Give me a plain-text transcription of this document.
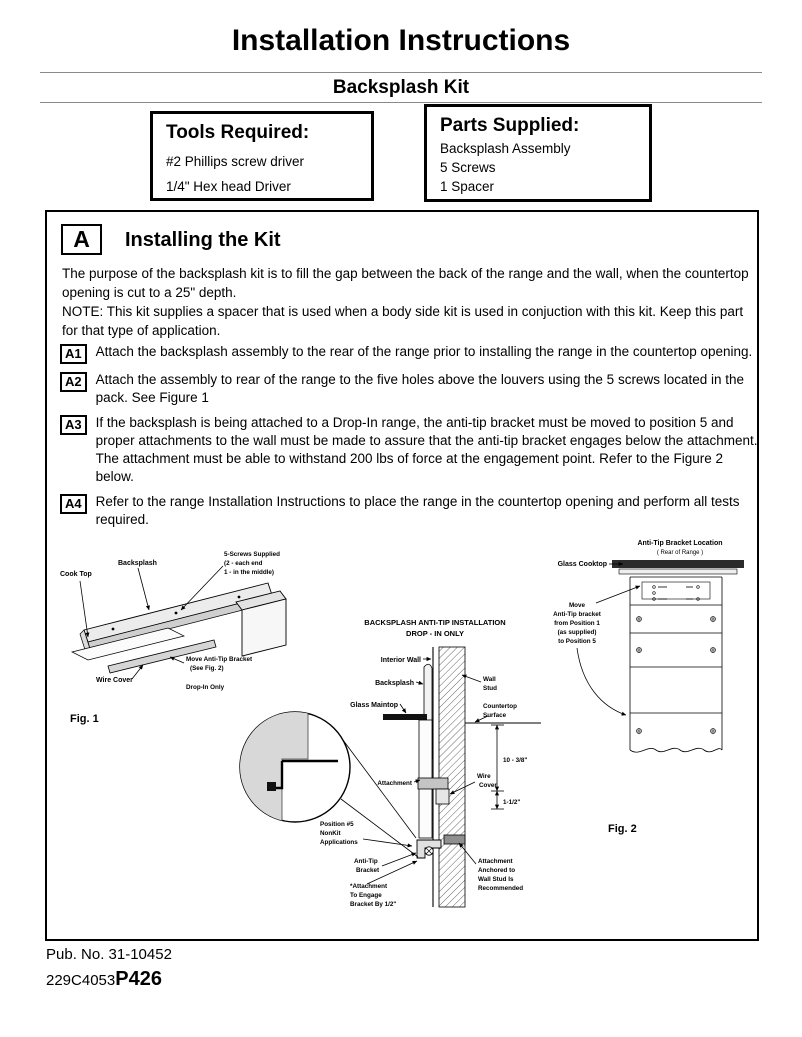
Installation Instructions
Backsplash Kit
Tools Required:
#2 Phillips screw driver
1/4" Hex head Driver
Parts Supplied:
Backsplash Assembly
5 Screws
1 Spacer
A	Installing the Kit
The purpose of the backsplash kit is to fill the gap between the back of the range and the wall, when the countertop opening is cut to a 25" depth.
NOTE: This kit supplies a spacer that is used when a body side kit is used in conjuction with this kit. Keep this part for that type of application.
A1	Attach the backsplash assembly to the rear of the range prior to installing the range in the countertop opening.
A2	Attach the assembly to rear of the range to the five holes above the louvers using the 5 screws located in the pack. See Figure 1
A3	If the backsplash is being attached to a Drop-In range, the anti-tip bracket must be moved to position 5 and proper attachments to the wall must be made to assure that the anti-tip bracket engages below the attachment. The attachment must be able to withstand 200 lbs of force at the engagement point. Refer to the Figure 2 below.
A4	Refer to the range Installation Instructions to place the range in the countertop opening and perform all tests required.
Cook Top
Backsplash
5-Screws Supplied
(2 - each end
1 - in the middle)
Move Anti-Tip Bracket
(See Fig. 2)
Wire Cover
Drop-In Only
Fig. 1
BACKSPLASH ANTI-TIP INSTALLATION
DROP - IN ONLY
Interior Wall
Backsplash
Glass Maintop
Wall
Stud
Countertop
Surface
10 - 3/8"
Wire
Cover
1-1/2"
Attachment
Position #5
NonKit
Applications
Anti-Tip
Bracket
Attachment
Anchored to
Wall Stud Is
Recommended
*Attachment
To Engage
Bracket By 1/2"
Anti-Tip Bracket Location
( Rear of Range )
Glass Cooktop
Move
Anti-Tip bracket
from Position 1
(as supplied)
to Position 5
Fig. 2
Pub. No. 31-10452
229C4053 P426
